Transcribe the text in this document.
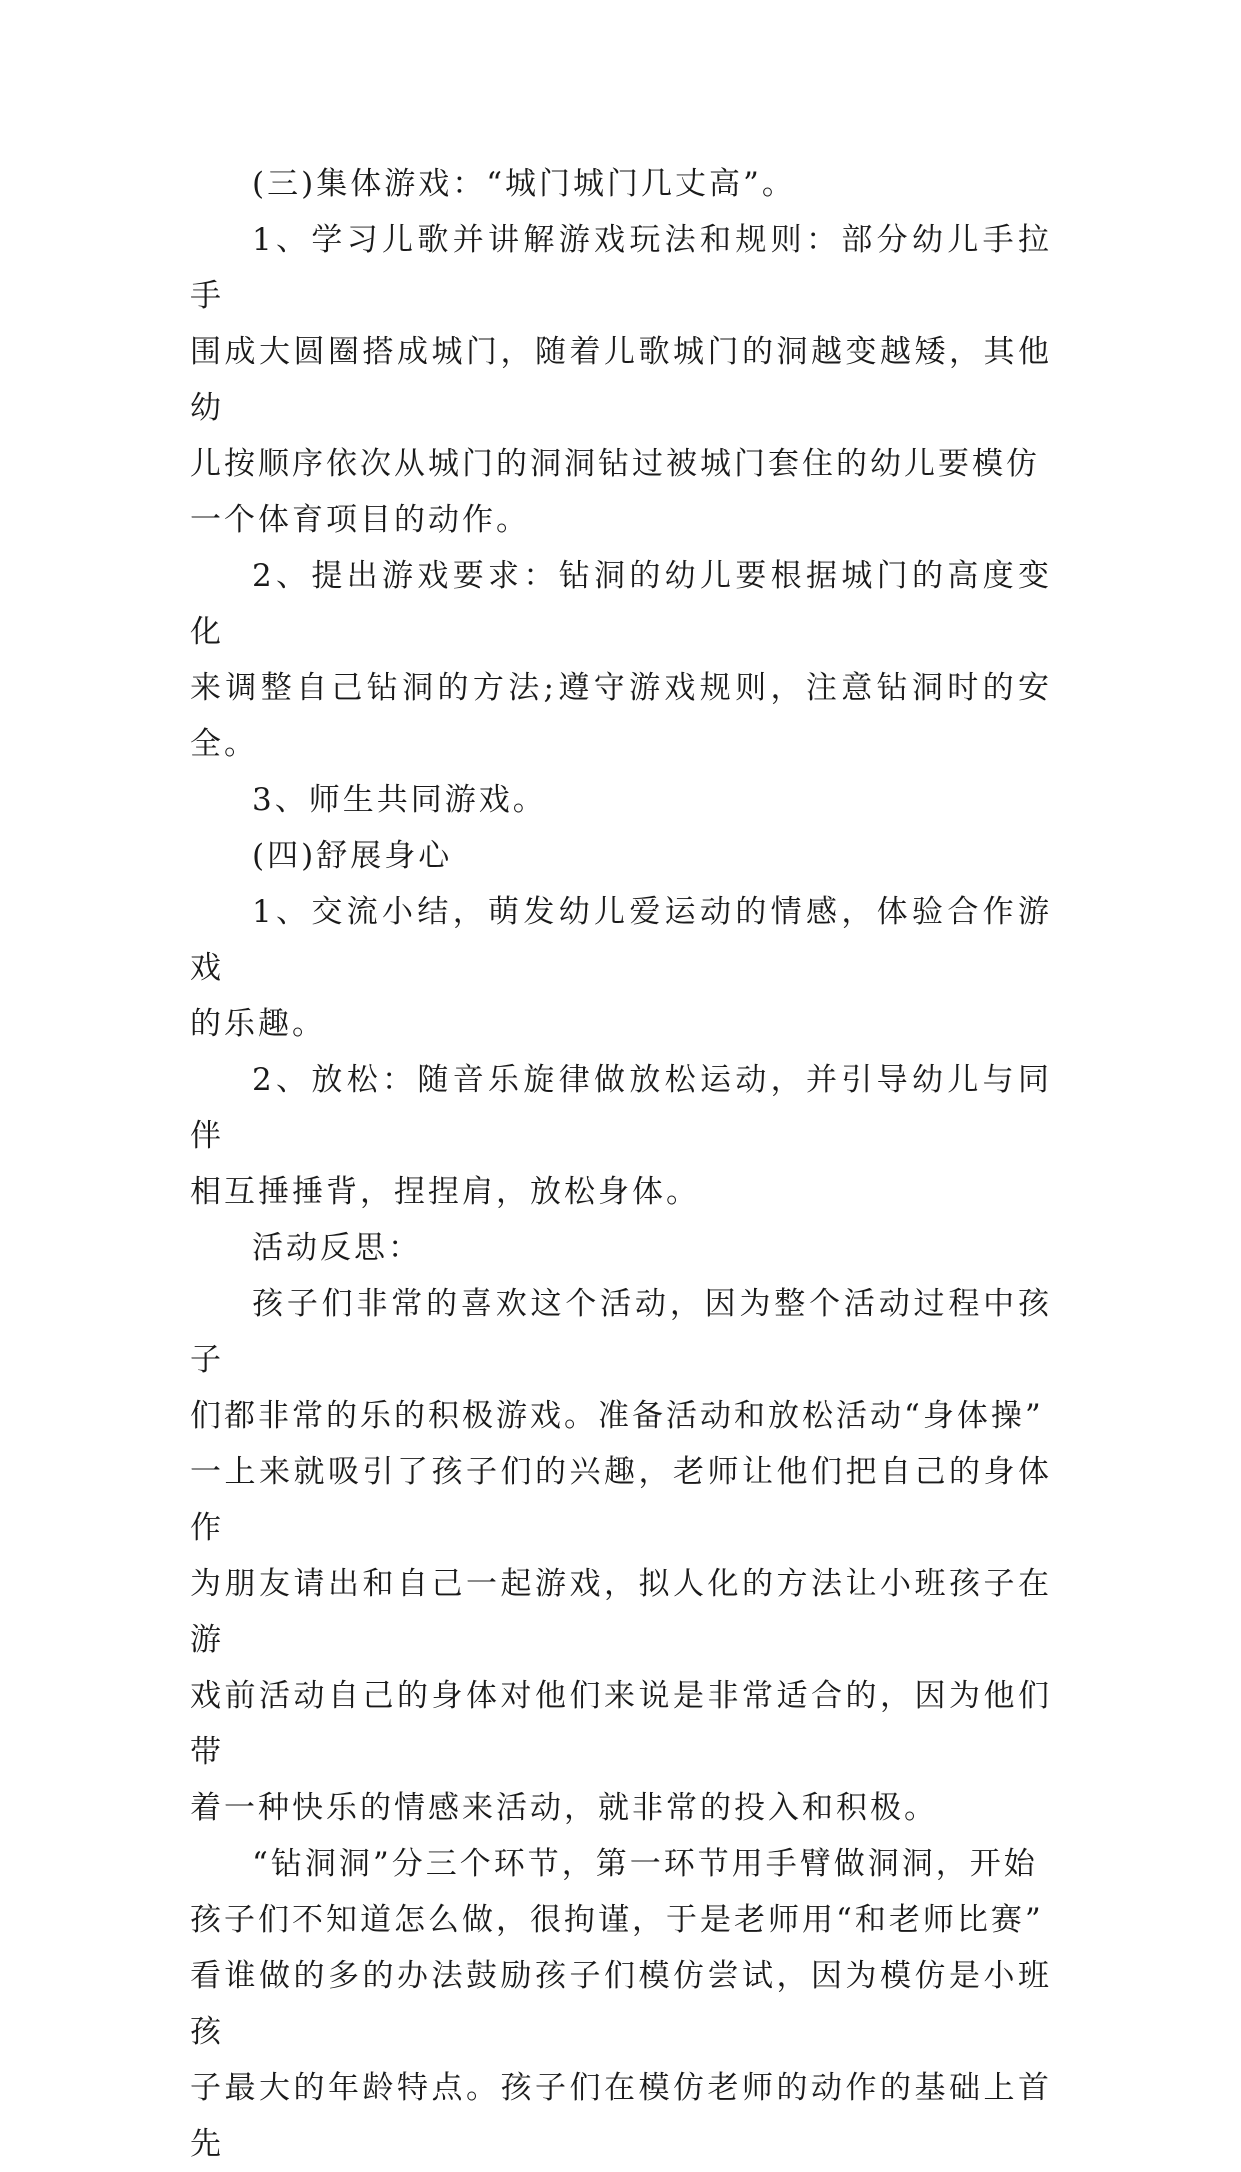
(三)集体游戏：“城门城门几丈高”。

1、学习儿歌并讲解游戏玩法和规则：部分幼儿手拉手
围成大圆圈搭成城门，随着儿歌城门的洞越变越矮，其他幼
儿按顺序依次从城门的洞洞钻过被城门套住的幼儿要模仿
一个体育项目的动作。

2、提出游戏要求：钻洞的幼儿要根据城门的高度变化
来调整自己钻洞的方法;遵守游戏规则，注意钻洞时的安全。

3、师生共同游戏。

(四)舒展身心

1、交流小结，萌发幼儿爱运动的情感，体验合作游戏
的乐趣。

2、放松：随音乐旋律做放松运动，并引导幼儿与同伴
相互捶捶背，捏捏肩，放松身体。

活动反思：

孩子们非常的喜欢这个活动，因为整个活动过程中孩子
们都非常的乐的积极游戏。准备活动和放松活动“身体操”
一上来就吸引了孩子们的兴趣，老师让他们把自己的身体作
为朋友请出和自己一起游戏，拟人化的方法让小班孩子在游
戏前活动自己的身体对他们来说是非常适合的，因为他们带
着一种快乐的情感来活动，就非常的投入和积极。

“钻洞洞”分三个环节，第一环节用手臂做洞洞，开始
孩子们不知道怎么做，很拘谨，于是老师用“和老师比赛”
看谁做的多的办法鼓励孩子们模仿尝试，因为模仿是小班孩
子最大的年龄特点。孩子们在模仿老师的动作的基础上首先
